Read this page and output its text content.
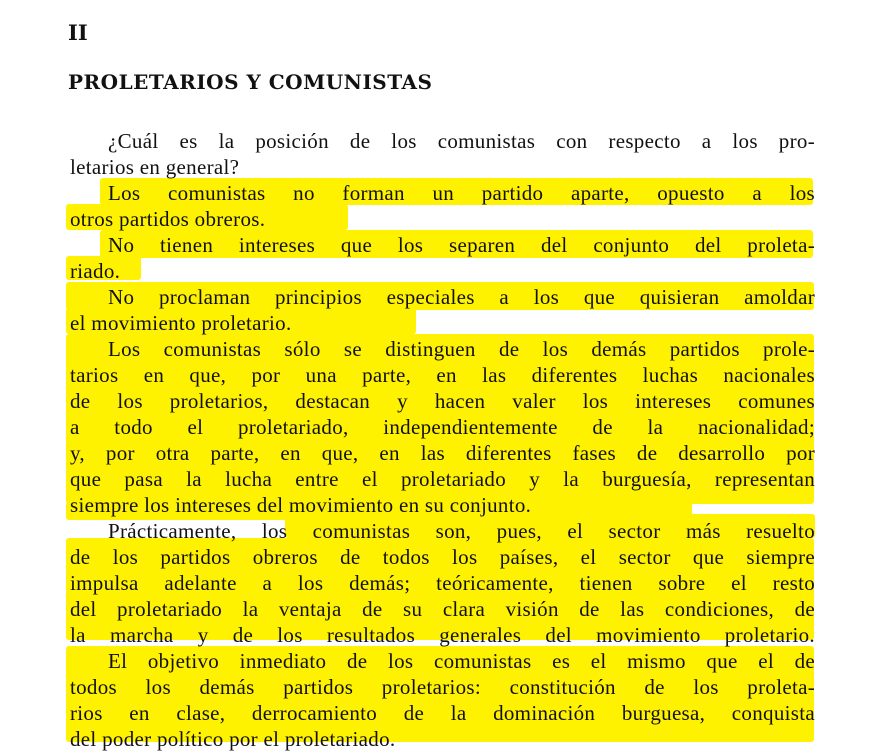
II
PROLETARIOS Y COMUNISTAS
¿Cuál es la posición de los comunistas con respecto a los pro-
letarios en general?
Los comunistas no forman un partido aparte, opuesto a los
otros partidos obreros.
No tienen intereses que los separen del conjunto del proleta-
riado.
No proclaman principios especiales a los que quisieran amoldar
el movimiento proletario.
Los comunistas sólo se distinguen de los demás partidos prole-
tarios en que, por una parte, en las diferentes luchas nacionales
de los proletarios, destacan y hacen valer los intereses comunes
a todo el proletariado, independientemente de la nacionalidad;
y, por otra parte, en que, en las diferentes fases de desarrollo por
que pasa la lucha entre el proletariado y la burguesía, representan
siempre los intereses del movimiento en su conjunto.
Prácticamente, los comunistas son, pues, el sector más resuelto
de los partidos obreros de todos los países, el sector que siempre
impulsa adelante a los demás; teóricamente, tienen sobre el resto
del proletariado la ventaja de su clara visión de las condiciones, de
la marcha y de los resultados generales del movimiento proletario.
El objetivo inmediato de los comunistas es el mismo que el de
todos los demás partidos proletarios: constitución de los proleta-
rios en clase, derrocamiento de la dominación burguesa, conquista
del poder político por el proletariado.
